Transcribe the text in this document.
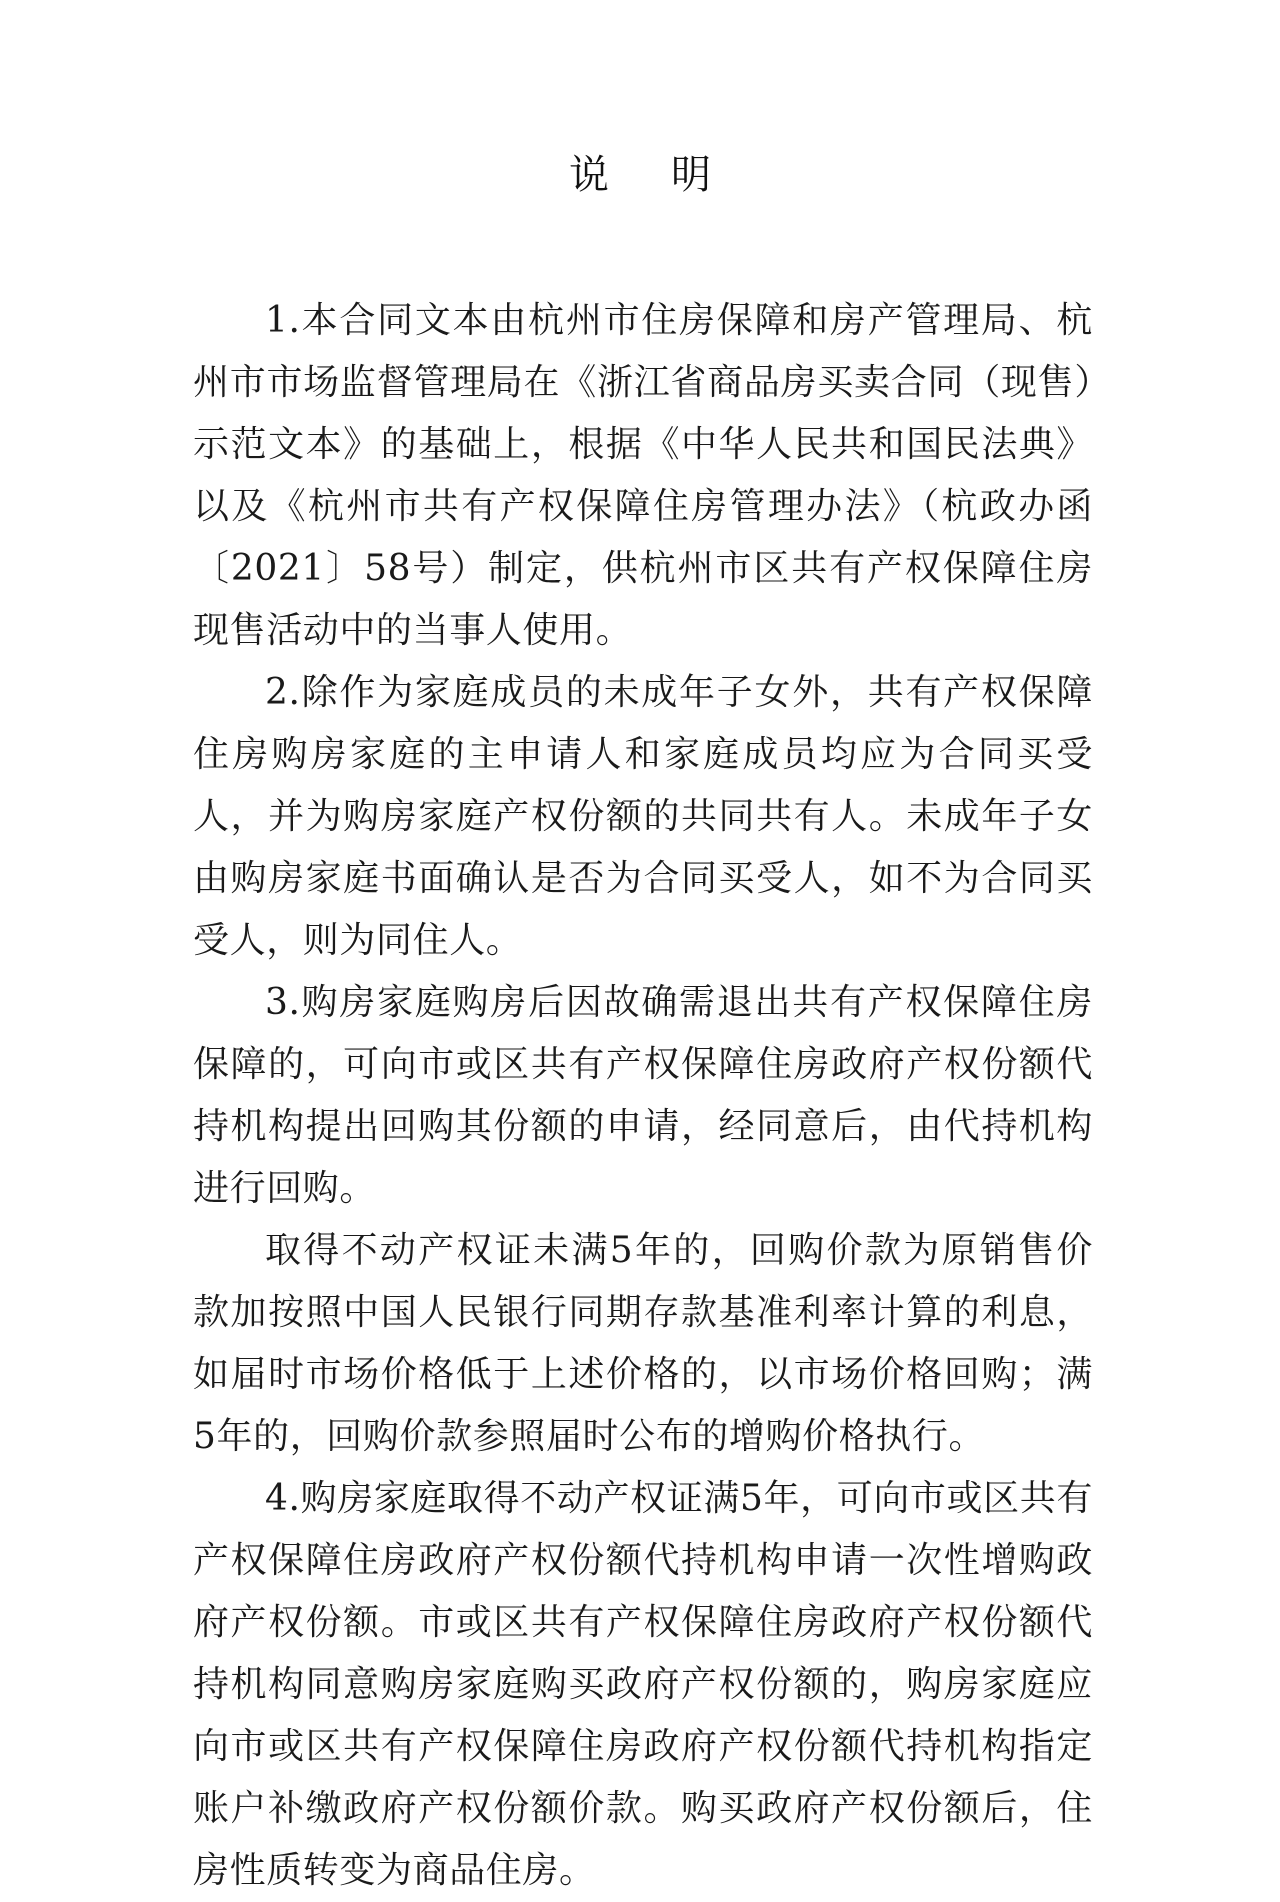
说 明

1.本合同文本由杭州市住房保障和房产管理局、杭州市市场监督管理局在《浙江省商品房买卖合同（现售）示范文本》的基础上，根据《中华人民共和国民法典》以及《杭州市共有产权保障住房管理办法》（杭政办函〔2021〕58号）制定，供杭州市区共有产权保障住房现售活动中的当事人使用。

2.除作为家庭成员的未成年子女外，共有产权保障住房购房家庭的主申请人和家庭成员均应为合同买受人，并为购房家庭产权份额的共同共有人。未成年子女由购房家庭书面确认是否为合同买受人，如不为合同买受人，则为同住人。

3.购房家庭购房后因故确需退出共有产权保障住房保障的，可向市或区共有产权保障住房政府产权份额代持机构提出回购其份额的申请，经同意后，由代持机构进行回购。

取得不动产权证未满5年的，回购价款为原销售价款加按照中国人民银行同期存款基准利率计算的利息，如届时市场价格低于上述价格的，以市场价格回购；满5年的，回购价款参照届时公布的增购价格执行。

4.购房家庭取得不动产权证满5年，可向市或区共有产权保障住房政府产权份额代持机构申请一次性增购政府产权份额。市或区共有产权保障住房政府产权份额代持机构同意购房家庭购买政府产权份额的，购房家庭应向市或区共有产权保障住房政府产权份额代持机构指定账户补缴政府产权份额价款。购买政府产权份额后，住房性质转变为商品住房。
